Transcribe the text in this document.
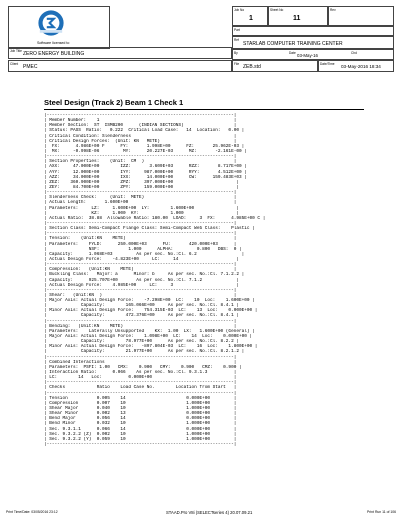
Software licensed to
Job No
1
Sheet No
11
Rev
Part
Job Title
ZERO ENERGY BUILDING
Ref
STARLAB COMPUTER TRAINING CENTER
By	Date
03-May-16
Chd
Client
PMEC
File
ZEB.std
Date/Time
03-May-2016 18:34
Steel Design (Track 2) Beam 1 Check 1
|-----------------------------------------------------------------------|
| Member Number:    1                                                   |
| Member Section:  ST  ISMB200      (INDIAN SECTIONS)                   |
| Status: PASS  Ratio:   0.222  Critical Load Case:   14  Location:   0.00 |
| Critical Condition: Slenderness                                       |
| Critical Design Forces:  (Unit: KN   METE)                            |
|  FX:      4.986E+00 F      FY:       1.998E+00      FZ:       25.962E-03 |
|  MX:     -0.998E-06         MY:      20.227E-03      MZ:       -2.161E-00 |
|-----------------------------------------------------------------------|
| Section Properties:    (Unit:  CM  )                                  |
| AXX:     47.000E+00        IZZ:       3.609E+03      RZZ:       8.717E+00 |
| AYY:     12.000E+00        IYY:     987.000E+00      RYY:       4.512E+00 |
| AZZ:     34.000E+00        IXX:      14.000E+00      CW:      159.483E+03 |
| ZEZ:    360.900E+00        ZPZ:     397.000E+00                        |
| ZEY:     84.700E+00        ZPY:     159.000E+00                        |
|-----------------------------------------------------------------------|
| Slenderness Check:     (Unit:  METE)                                  |
| Actual Length:       1.600E+00                                        |
| Parameters:     LZ:     1.600E+00  LY:        1.600E+00                |
|                 KZ:     1.000  KY:            1.000                    |
| Actual Ratio:  38.88  Allowable Ratio: 180.00  LOAD:     3  FX:      4.985E+00 C |
|-----------------------------------------------------------------------|
| Section Class: Semi-Compact Flange Class: Semi-Compact Web Class:    Plastic |
|-----------------------------------------------------------------------|
| Tension:    (Unit:KN    METE)                                         |
| Parameters:    FYLD:      250.000E+03      FU:       420.000E+03      |
|                NSF:           1.000      ALPHA:         0.800   DBS:  0 |
| Capacity:      1.068E+03         As per sec. No.:Cl. 6.2                 |
| Actual Design Force:    -4.823E+00     LC:     14                      |
|-----------------------------------------------------------------------|
| Compression:   (Unit:KN    METE)                                      |
| Buckling Class:   Major: a      Minor: b     As per sec. No.:Cl. 7.1.2.2 |
| Capacity:      925.707E+00       As per sec. No.:Cl. 7.1.2             |
| Actual Design Force:    4.985E+00     LC:     3                        |
|-----------------------------------------------------------------------|
| Shear:   (Unit:KN  )                                                  |
| Major Axis: Actual Design Force:    -7.298E+00  LC:    10  Loc:    1.600E+00 |
|             Capacity:        165.066E+00     As per sec. No.:Cl. 8.4.1 |
| Minor Axis: Actual Design Force:    754.315E-03  LC:    13  Loc:    0.000E+00 |
|             Capacity:        472.376E+00     As per sec. No.:Cl. 8.4.1 |
|-----------------------------------------------------------------------|
| Bending:   (Unit:KN    METE)                                          |
| Parameters:    Laterally Unsupported    KX:  1.00  LX:   1.600E+00 (General) |
| Major Axis: Actual Design Force:    1.098E+00  LC:    14  Loc:    0.000E+00 |
|             Capacity:        78.977E+00      As per sec. No.:Cl. 8.2.2 |
| Minor Axis: Actual Design Force:   -897.804E-03  LC:    16  Loc:    1.800E+00 |
|             Capacity:        21.977E+00      As per sec. No.:Cl. 8.2.1.2 |
|-----------------------------------------------------------------------|
| Combined Interactions                                                 |
| Parameters:  PSFI: 1.00   CMX:    0.900   CMY:    0.900   CMZ:    0.900 |
| Interaction Ratio:      0.066    As per sec. No.:Cl. 9.3.1.3          |
| LC:        14   Loc:          0.000E+00                               |
|-----------------------------------------------------------------------|
| Checks            Ratio    Load Case No.        Location from Start   |
|-----------------------------------------------------------------------|
| Tension           0.005    14                       0.000E+00         |
| Compression       0.007    10                       1.000E+00         |
| Shear Major       0.040    10                       1.000E+00         |
| Shear Minor       0.002    13                       0.000E+00         |
| Bend Major        0.056    14                       0.000E+00         |
| Bend Minor        0.032    10                       1.000E+00         |
| Sec. 9.3.1.1      0.066    14                       0.000E+00         |
| Sec. 9.3.2.2 (Z)  0.002    10                       1.000E+00         |
| Sec. 9.3.2.2 (Y)  0.059    10                       1.000E+00         |
|-----------------------------------------------------------------------|
Print Time/Date: 03/05/2016 23:12	STAAD.Pro V8i (SELECTseries 4) 20.07.09.21	Print Run 11 of 106
